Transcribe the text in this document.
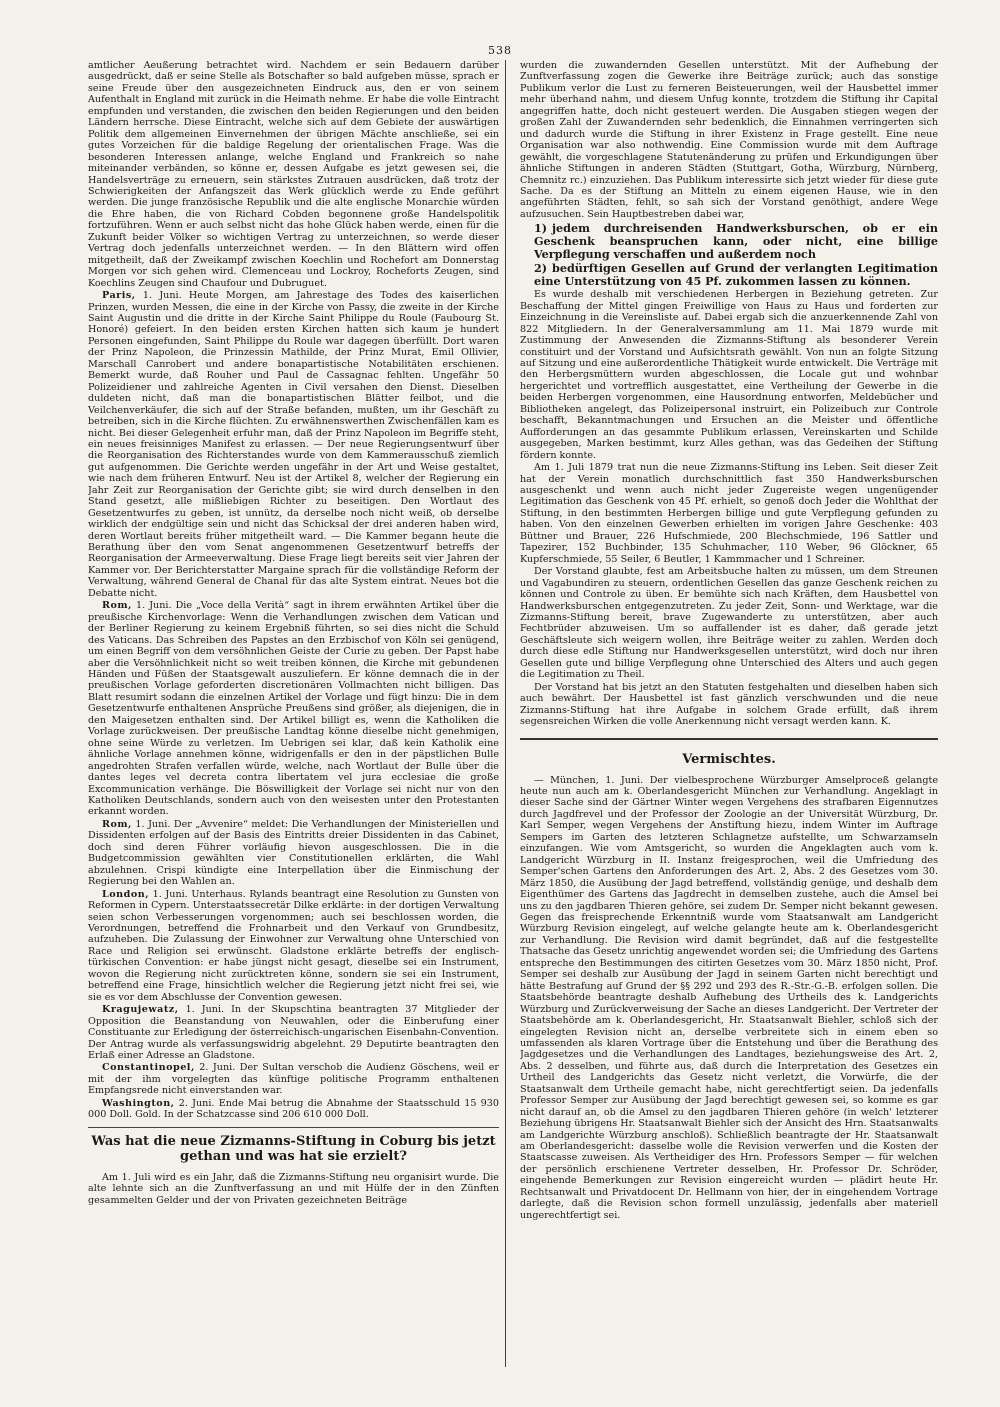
538

amtlicher Aeußerung betrachtet wird. Nachdem er sein Bedauern darüber ausgedrückt, daß er seine Stelle als Botschafter so bald aufgeben müsse, sprach er seine Freude über den ausgezeichneten Eindruck aus, den er von seinem Aufenthalt in England mit zurück in die Heimath nehme. Er habe die volle Eintracht empfunden und verstanden, die zwischen den beiden Regierungen und den beiden Ländern herrsche. Diese Eintracht, welche sich auf dem Gebiete der auswärtigen Politik dem allgemeinen Einvernehmen der übrigen Mächte anschließe, sei ein gutes Vorzeichen für die baldige Regelung der orientalischen Frage. Was die besonderen Interessen anlange, welche England und Frankreich so nahe miteinander verbänden, so könne er, dessen Aufgabe es jetzt gewesen sei, die Handelsverträge zu erneuern, sein stärkstes Zutrauen ausdrücken, daß trotz der Schwierigkeiten der Anfangszeit das Werk glücklich werde zu Ende geführt werden. Die junge französische Republik und die alte englische Monarchie würden die Ehre haben, die von Richard Cobden begonnene große Handelspolitik fortzuführen. Wenn er auch selbst nicht das hohe Glück haben werde, einen für die Zukunft beider Völker so wichtigen Vertrag zu unterzeichnen, so werde dieser Vertrag doch jedenfalls unterzeichnet werden. — In den Blättern wird offen mitgetheilt, daß der Zweikampf zwischen Koechlin und Rochefort am Donnerstag Morgen vor sich gehen wird. Clemenceau und Lockroy, Rocheforts Zeugen, sind Koechlins Zeugen sind Chaufour und Dubruguet.

Paris, 1. Juni. Heute Morgen, am Jahrestage des Todes des kaiserlichen Prinzen, wurden Messen, die eine in der Kirche von Passy, die zweite in der Kirche Saint Augustin und die dritte in der Kirche Saint Philippe du Roule (Faubourg St. Honoré) gefeiert. In den beiden ersten Kirchen hatten sich kaum je hundert Personen eingefunden, Saint Philippe du Roule war dagegen überfüllt. Dort waren der Prinz Napoleon, die Prinzessin Mathilde, der Prinz Murat, Emil Ollivier, Marschall Canrobert und andere bonapartistische Notabilitäten erschienen. Bemerkt wurde, daß Rouher und Paul de Cassagnac fehlten. Ungefähr 50 Polizeidiener und zahlreiche Agenten in Civil versahen den Dienst. Dieselben duldeten nicht, daß man die bonapartistischen Blätter feilbot, und die Veilchenverkäufer, die sich auf der Straße befanden, mußten, um ihr Geschäft zu betreiben, sich in die Kirche flüchten. Zu erwähnenswerthen Zwischenfällen kam es nicht. Bei dieser Gelegenheit erfuhr man, daß der Prinz Napoleon im Begriffe steht, ein neues freisinniges Manifest zu erlassen. — Der neue Regierungsentwurf über die Reorganisation des Richterstandes wurde von dem Kammerausschuß ziemlich gut aufgenommen. Die Gerichte werden ungefähr in der Art und Weise gestaltet, wie nach dem früheren Entwurf. Neu ist der Artikel 8, welcher der Regierung ein Jahr Zeit zur Reorganisation der Gerichte gibt; sie wird durch denselben in den Stand gesetzt, alle mißliebigen Richter zu beseitigen. Den Wortlaut des Gesetzentwurfes zu geben, ist unnütz, da derselbe noch nicht weiß, ob derselbe wirklich der endgültige sein und nicht das Schicksal der drei anderen haben wird, deren Wortlaut bereits früher mitgetheilt ward. — Die Kammer begann heute die Berathung über den vom Senat angenommenen Gesetzentwurf betreffs der Reorganisation der Armeeverwaltung. Diese Frage liegt bereits seit vier Jahren der Kammer vor. Der Berichterstatter Margaine sprach für die vollständige Reform der Verwaltung, während General de Chanal für das alte System eintrat. Neues bot die Debatte nicht.

Rom, 1. Juni. Die „Voce della Verità“ sagt in ihrem erwähnten Artikel über die preußische Kirchenvorlage: Wenn die Verhandlungen zwischen dem Vatican und der Berliner Regierung zu keinem Ergebniß führten, so sei dies nicht die Schuld des Vaticans. Das Schreiben des Papstes an den Erzbischof von Köln sei genügend, um einen Begriff von dem versöhnlichen Geiste der Curie zu geben. Der Papst habe aber die Versöhnlichkeit nicht so weit treiben können, die Kirche mit gebundenen Händen und Füßen der Staatsgewalt auszuliefern. Er könne demnach die in der preußischen Vorlage geforderten discretionären Vollmachten nicht billigen. Das Blatt resumirt sodann die einzelnen Artikel der Vorlage und fügt hinzu: Die in dem Gesetzentwurfe enthaltenen Ansprüche Preußens sind größer, als diejenigen, die in den Maigesetzen enthalten sind. Der Artikel billigt es, wenn die Katholiken die Vorlage zurückweisen. Der preußische Landtag könne dieselbe nicht genehmigen, ohne seine Würde zu verletzen. Im Uebrigen sei klar, daß kein Katholik eine ähnliche Vorlage annehmen könne, widrigenfalls er den in der päpstlichen Bulle angedrohten Strafen verfallen würde, welche, nach Wortlaut der Bulle über die dantes leges vel decreta contra libertatem vel jura ecclesiae die große Excommunication verhänge. Die Böswilligkeit der Vorlage sei nicht nur von den Katholiken Deutschlands, sondern auch von den weisesten unter den Protestanten erkannt worden.

Rom, 1. Juni. Der „Avvenire“ meldet: Die Verhandlungen der Ministeriellen und Dissidenten erfolgen auf der Basis des Eintritts dreier Dissidenten in das Cabinet, doch sind deren Führer vorläufig hievon ausgeschlossen. Die in die Budgetcommission gewählten vier Constitutionellen erklärten, die Wahl abzulehnen. Crispi kündigte eine Interpellation über die Einmischung der Regierung bei den Wahlen an.

London, 1. Juni. Unterhaus. Rylands beantragt eine Resolution zu Gunsten von Reformen in Cypern. Unterstaatssecretär Dilke erklärte: in der dortigen Verwaltung seien schon Verbesserungen vorgenommen; auch sei beschlossen worden, die Verordnungen, betreffend die Frohnarbeit und den Verkauf von Grundbesitz, aufzuheben. Die Zulassung der Einwohner zur Verwaltung ohne Unterschied von Race und Religion sei erwünscht. Gladstone erklärte betreffs der englisch-türkischen Convention: er habe jüngst nicht gesagt, dieselbe sei ein Instrument, wovon die Regierung nicht zurücktreten könne, sondern sie sei ein Instrument, betreffend eine Frage, hinsichtlich welcher die Regierung jetzt nicht frei sei, wie sie es vor dem Abschlusse der Convention gewesen.

Kragujewatz, 1. Juni. In der Skupschtina beantragten 37 Mitglieder der Opposition die Beanstandung von Neuwahlen, oder die Einberufung einer Constituante zur Erledigung der österreichisch-ungarischen Eisenbahn-Convention. Der Antrag wurde als verfassungswidrig abgelehnt. 29 Deputirte beantragten den Erlaß einer Adresse an Gladstone.

Constantinopel, 2. Juni. Der Sultan verschob die Audienz Göschens, weil er mit der ihm vorgelegten das künftige politische Programm enthaltenen Empfangsrede nicht einverstanden war.

Washington, 2. Juni. Ende Mai betrug die Abnahme der Staatsschuld 15 930 000 Doll. Gold. In der Schatzcasse sind 206 610 000 Doll.

Was hat die neue Zizmanns-Stiftung in Coburg bis jetzt gethan und was hat sie erzielt?

Am 1. Juli wird es ein Jahr, daß die Zizmanns-Stiftung neu organisirt wurde. Die alte lehnte sich an die Zunftverfassung an und mit Hülfe der in den Zünften gesammelten Gelder und der von Privaten gezeichneten Beiträge

wurden die zuwandernden Gesellen unterstützt. Mit der Aufhebung der Zunftverfassung zogen die Gewerke ihre Beiträge zurück; auch das sonstige Publikum verlor die Lust zu ferneren Beisteuerungen, weil der Hausbettel immer mehr überhand nahm, und diesem Unfug konnte, trotzdem die Stiftung ihr Capital angegriffen hatte, doch nicht gesteuert werden. Die Ausgaben stiegen wegen der großen Zahl der Zuwandernden sehr bedenklich, die Einnahmen verringerten sich und dadurch wurde die Stiftung in ihrer Existenz in Frage gestellt. Eine neue Organisation war also nothwendig. Eine Commission wurde mit dem Auftrage gewählt, die vorgeschlagene Statutenänderung zu prüfen und Erkundigungen über ähnliche Stiftungen in anderen Städten (Stuttgart, Gotha, Würzburg, Nürnberg, Chemnitz rc.) einzuziehen. Das Publikum interessirte sich jetzt wieder für diese gute Sache. Da es der Stiftung an Mitteln zu einem eigenen Hause, wie in den angeführten Städten, fehlt, so sah sich der Vorstand genöthigt, andere Wege aufzusuchen. Sein Hauptbestreben dabei war,

1) jedem durchreisenden Handwerksburschen, ob er ein Geschenk beanspruchen kann, oder nicht, eine billige Verpflegung verschaffen und außerdem noch
2) bedürftigen Gesellen auf Grund der verlangten Legitimation eine Unterstützung von 45 Pf. zukommen lassen zu können.

Es wurde deshalb mit verschiedenen Herbergen in Beziehung getreten. Zur Beschaffung der Mittel gingen Freiwillige von Haus zu Haus und forderten zur Einzeichnung in die Vereinsliste auf. Dabei ergab sich die anzuerkennende Zahl von 822 Mitgliedern. In der Generalversammlung am 11. Mai 1879 wurde mit Zustimmung der Anwesenden die Zizmanns-Stiftung als besonderer Verein constituirt und der Vorstand und Aufsichtsrath gewählt. Von nun an folgte Sitzung auf Sitzung und eine außerordentliche Thätigkeit wurde entwickelt. Die Verträge mit den Herbergsmüttern wurden abgeschlossen, die Locale gut und wohnbar hergerichtet und vortrefflich ausgestattet, eine Vertheilung der Gewerbe in die beiden Herbergen vorgenommen, eine Hausordnung entworfen, Meldebücher und Bibliotheken angelegt, das Polizeipersonal instruirt, ein Polizeibuch zur Controle beschafft, Bekanntmachungen und Ersuchen an die Meister und öffentliche Aufforderungen an das gesammte Publikum erlassen, Vereinskarten und Schilde ausgegeben, Marken bestimmt, kurz Alles gethan, was das Gedeihen der Stiftung fördern konnte.

Am 1. Juli 1879 trat nun die neue Zizmanns-Stiftung ins Leben. Seit dieser Zeit hat der Verein monatlich durchschnittlich fast 350 Handwerksburschen ausgeschenkt und wenn auch nicht jeder Zugereiste wegen ungenügender Legitimation das Geschenk von 45 Pf. erhielt, so genoß doch Jeder die Wohlthat der Stiftung, in den bestimmten Herbergen billige und gute Verpflegung gefunden zu haben. Von den einzelnen Gewerben erhielten im vorigen Jahre Geschenke: 403 Büttner und Brauer, 226 Hufschmiede, 200 Blechschmiede, 196 Sattler und Tapezirer, 152 Buchbinder, 135 Schuhmacher, 110 Weber, 96 Glöckner, 65 Kupferschmiede, 55 Seiler, 6 Beutler, 1 Kammmacher und 1 Schreiner.

Der Vorstand glaubte, fest am Arbeitsbuche halten zu müssen, um dem Streunen und Vagabundiren zu steuern, ordentlichen Gesellen das ganze Geschenk reichen zu können und Controle zu üben. Er bemühte sich nach Kräften, dem Hausbettel von Handwerksburschen entgegenzutreten. Zu jeder Zeit, Sonn- und Werktage, war die Zizmanns-Stiftung bereit, brave Zugewanderte zu unterstützen, aber auch Fechtbrüder abzuweisen. Um so auffallender ist es daher, daß gerade jetzt Geschäftsleute sich weigern wollen, ihre Beiträge weiter zu zahlen. Werden doch durch diese edle Stiftung nur Handwerksgesellen unterstützt, wird doch nur ihren Gesellen gute und billige Verpflegung ohne Unterschied des Alters und auch gegen die Legitimation zu Theil.

Der Vorstand hat bis jetzt an den Statuten festgehalten und dieselben haben sich auch bewährt. Der Hausbettel ist fast gänzlich verschwunden und die neue Zizmanns-Stiftung hat ihre Aufgabe in solchem Grade erfüllt, daß ihrem segensreichen Wirken die volle Anerkennung nicht versagt werden kann. K.

Vermischtes.

— München, 1. Juni. Der vielbesprochene Würzburger Amselproceß gelangte heute nun auch am k. Oberlandesgericht München zur Verhandlung. Angeklagt in dieser Sache sind der Gärtner Winter wegen Vergehens des strafbaren Eigennutzes durch Jagdfrevel und der Professor der Zoologie an der Universität Würzburg, Dr. Karl Semper, wegen Vergehens der Anstiftung hiezu, indem Winter im Auftrage Sempers im Garten des letzteren Schlagnetze aufstellte, um Schwarzamseln einzufangen. Wie vom Amtsgericht, so wurden die Angeklagten auch vom k. Landgericht Würzburg in II. Instanz freigesprochen, weil die Umfriedung des Semper'schen Gartens den Anforderungen des Art. 2, Abs. 2 des Gesetzes vom 30. März 1850, die Ausübung der Jagd betreffend, vollständig genüge, und deshalb dem Eigenthümer des Gartens das Jagdrecht in demselben zustehe, auch die Amsel bei uns zu den jagdbaren Thieren gehöre, sei zudem Dr. Semper nicht bekannt gewesen. Gegen das freisprechende Erkenntniß wurde vom Staatsanwalt am Landgericht Würzburg Revision eingelegt, auf welche gelangte heute am k. Oberlandesgericht zur Verhandlung. Die Revision wird damit begründet, daß auf die festgestellte Thatsache das Gesetz unrichtig angewendet worden sei; die Umfriedung des Gartens entspreche den Bestimmungen des citirten Gesetzes vom 30. März 1850 nicht, Prof. Semper sei deshalb zur Ausübung der Jagd in seinem Garten nicht berechtigt und hätte Bestrafung auf Grund der §§ 292 und 293 des R.-Str.-G.-B. erfolgen sollen. Die Staatsbehörde beantragte deshalb Aufhebung des Urtheils des k. Landgerichts Würzburg und Zurückverweisung der Sache an dieses Landgericht. Der Vertreter der Staatsbehörde am k. Oberlandesgericht, Hr. Staatsanwalt Biehler, schloß sich der eingelegten Revision nicht an, derselbe verbreitete sich in einem eben so umfassenden als klaren Vortrage über die Entstehung und über die Berathung des Jagdgesetzes und die Verhandlungen des Landtages, beziehungsweise des Art. 2, Abs. 2 desselben, und führte aus, daß durch die Interpretation des Gesetzes ein Urtheil des Landgerichts das Gesetz nicht verletzt, die Vorwürfe, die der Staatsanwalt dem Urtheile gemacht habe, nicht gerechtfertigt seien. Da jedenfalls Professor Semper zur Ausübung der Jagd berechtigt gewesen sei, so komme es gar nicht darauf an, ob die Amsel zu den jagdbaren Thieren gehöre (in welch' letzterer Beziehung übrigens Hr. Staatsanwalt Biehler sich der Ansicht des Hrn. Staatsanwalts am Landgerichte Würzburg anschloß). Schließlich beantragte der Hr. Staatsanwalt am Oberlandesgericht: dasselbe wolle die Revision verwerfen und die Kosten der Staatscasse zuweisen. Als Vertheidiger des Hrn. Professors Semper — für welchen der persönlich erschienene Vertreter desselben, Hr. Professor Dr. Schröder, eingehende Bemerkungen zur Revision eingereicht wurden — plädirt heute Hr. Rechtsanwalt und Privatdocent Dr. Hellmann von hier, der in eingehendem Vortrage darlegte, daß die Revision schon formell unzulässig, jedenfalls aber materiell ungerechtfertigt sei.
